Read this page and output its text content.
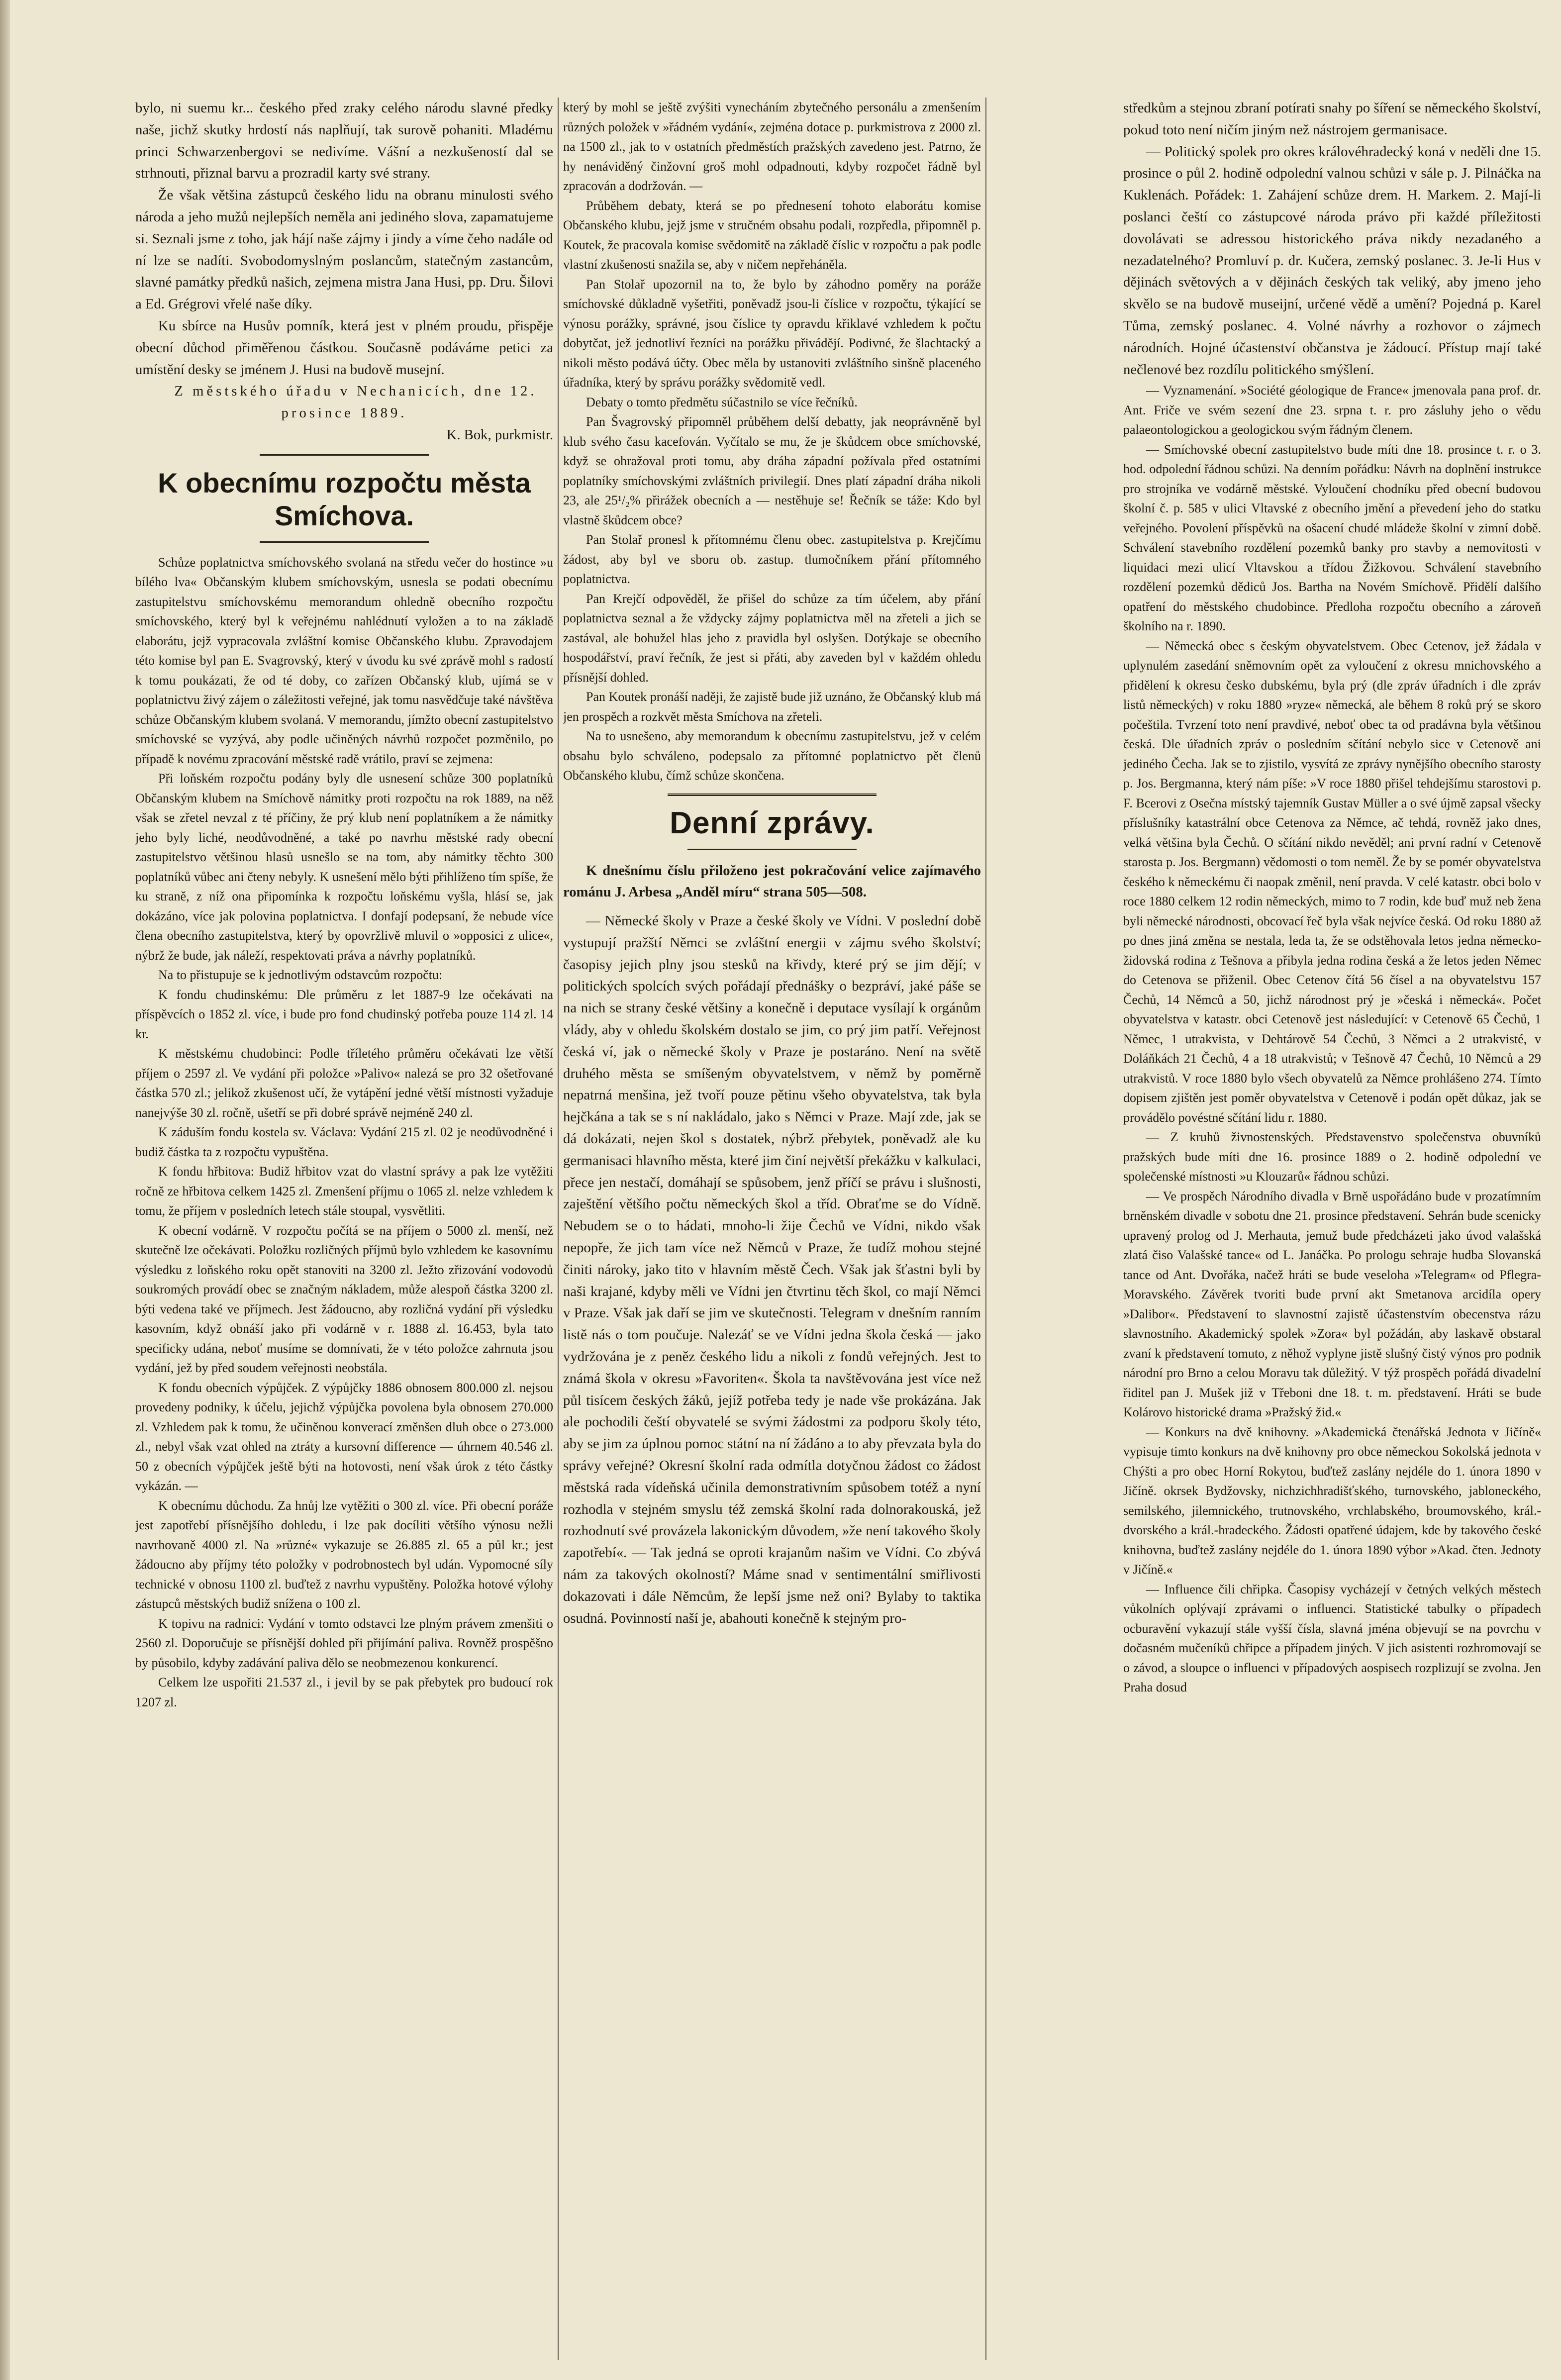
bylo, ni suemu kr... českého před zraky celého národu slavné předky naše, jichž skutky hrdostí nás naplňují, tak surově pohaniti. Mladému princi Schwarzenbergovi se nedivíme. Vášní a nezkušeností dal se strhnouti, přiznal barvu a prozradil karty své strany.

Že však většina zástupců českého lidu na obranu minulosti svého národa a jeho mužů nejlepších neměla ani jediného slova, zapamatujeme si. Seznali jsme z toho, jak hájí naše zájmy i jindy a víme čeho nadále od ní lze se nadíti. Svobodomyslným poslancům, statečným zastancům, slavné památky předků našich, zejmena mistra Jana Husi, pp. Dru. Šilovi a Ed. Grégrovi vřelé naše díky.

Ku sbírce na Husův pomník, která jest v plném proudu, přispěje obecní důchod přiměřenou částkou. Současně podáváme petici za umístění desky se jménem J. Husi na budově musejní.

Z městského úřadu v Nechanicích, dne 12. prosince 1889.

K. Bok, purkmistr.

K obecnímu rozpočtu města Smíchova.

Schůze poplatnictva smíchovského svolaná na středu večer do hostince »u bílého lva« Občanským klubem smíchovským, usnesla se podati obecnímu zastupitelstvu smíchovskému memorandum ohledně obecního rozpočtu smíchovského, který byl k veřejnému nahlédnutí vyložen a to na základě elaborátu, jejž vypracovala zvláštní komise Občanského klubu. Zpravodajem této komise byl pan E. Svagrovský, který v úvodu ku své zprávě mohl s radostí k tomu poukázati, že od té doby, co zařízen Občanský klub, ujímá se v poplatnictvu živý zájem o záležitosti veřejné, jak tomu nasvědčuje také návštěva schůze Občanským klubem svolaná. V memorandu, jímžto obecní zastupitelstvo smíchovské se vyzývá, aby podle učiněných návrhů rozpočet pozměnilo, po případě k novému zpracování městské radě vrátilo, praví se zejmena:

Při loňském rozpočtu podány byly dle usnesení schůze 300 poplatníků Občanským klubem na Smíchově námitky proti rozpočtu na rok 1889, na něž však se zřetel nevzal z té příčiny, že prý klub není poplatníkem a že námitky jeho byly liché, neodůvodněné, a také po navrhu městské rady obecní zastupitelstvo většinou hlasů usnešlo se na tom, aby námitky těchto 300 poplatníků vůbec ani čteny nebyly. K usnešení mělo býti přihlíženo tím spíše, že ku straně, z níž ona připomínka k rozpočtu loňskému vyšla, hlásí se, jak dokázáno, více jak polovina poplatnictva. I donfají podepsaní, že nebude více člena obecního zastupitelstva, který by opovržlivě mluvil o »opposici z ulice«, nýbrž že bude, jak náleží, respektovati práva a návrhy poplatníků.

Na to přistupuje se k jednotlivým odstavcům rozpočtu:

K fondu chudinskému: Dle průměru z let 1887-9 lze očekávati na příspěvcích o 1852 zl. více, i bude pro fond chudinský potřeba pouze 114 zl. 14 kr.

K městskému chudobinci: Podle tříletého průměru očekávati lze větší příjem o 2597 zl. Ve vydání při položce »Palivo« nalezá se pro 32 ošetřované částka 570 zl.; jelikož zkušenost učí, že vytápění jedné větší místnosti vyžaduje nanejvýše 30 zl. ročně, ušetří se při dobré správě nejméně 240 zl.

K záduším fondu kostela sv. Václava: Vydání 215 zl. 02 je neodůvodněné i budiž částka ta z rozpočtu vypuštěna.

K fondu hřbitova: Budiž hřbitov vzat do vlastní správy a pak lze vytěžiti ročně ze hřbitova celkem 1425 zl. Zmenšení příjmu o 1065 zl. nelze vzhledem k tomu, že příjem v posledních letech stále stoupal, vysvětliti.

K obecní vodárně. V rozpočtu počítá se na příjem o 5000 zl. menší, než skutečně lze očekávati. Položku rozličných příjmů bylo vzhledem ke kasovnímu výsledku z loňského roku opět stanoviti na 3200 zl. Ježto zřizování vodovodů soukromých provádí obec se značným nákladem, může alespoň částka 3200 zl. býti vedena také ve příjmech. Jest žádoucno, aby rozličná vydání při výsledku kasovním, když obnáší jako při vodárně v r. 1888 zl. 16.453, byla tato specificky udána, neboť musíme se domnívati, že v této položce zahrnuta jsou vydání, jež by před soudem veřejnosti neobstála.

K fondu obecních výpůjček. Z výpůjčky 1886 obnosem 800.000 zl. nejsou provedeny podniky, k účelu, jejichž výpůjčka povolena byla obnosem 270.000 zl. Vzhledem pak k tomu, že učiněnou konverací změnšen dluh obce o 273.000 zl., nebyl však vzat ohled na ztráty a kursovní difference — úhrnem 40.546 zl. 50 z obecních výpůjček ještě býti na hotovosti, není však úrok z této částky vykázán. —

K obecnímu důchodu. Za hnůj lze vytěžiti o 300 zl. více. Při obecní poráže jest zapotřebí přísnějšího dohledu, i lze pak docíliti většího výnosu nežli navrhovaně 4000 zl. Na »různé« vykazuje se 26.885 zl. 65 a půl kr.; jest žádoucno aby příjmy této položky v podrobnostech byl udán. Vypomocné síly technické v obnosu 1100 zl. buďtež z navrhu vypuštěny. Položka hotové výlohy zástupců městských budiž snížena o 100 zl.

K topivu na radnici: Vydání v tomto odstavci lze plným právem zmenšiti o 2560 zl. Doporučuje se přísnější dohled při přijímání paliva. Rovněž prospěšno by působilo, kdyby zadávání paliva dělo se neobmezenou konkurencí.

Celkem lze uspořiti 21.537 zl., i jevil by se pak přebytek pro budoucí rok 1207 zl.

který by mohl se ještě zvýšiti vynecháním zbytečného personálu a zmenšením různých položek v »řádném vydání«, zejména dotace p. purkmistrova z 2000 zl. na 1500 zl., jak to v ostatních předměstích pražských zavedeno jest. Patrno, že hy nenáviděný činžovní groš mohl odpadnouti, kdyby rozpočet řádně byl zpracován a dodržován. —

Průběhem debaty, která se po přednesení tohoto elaborátu komise Občanského klubu, jejž jsme v stručném obsahu podali, rozpředla, připomněl p. Koutek, že pracovala komise svědomitě na základě číslic v rozpočtu a pak podle vlastní zkušenosti snažila se, aby v ničem nepřeháněla.

Pan Stolař upozornil na to, že bylo by záhodno poměry na poráže smíchovské důkladně vyšetřiti, poněvadž jsou-li číslice v rozpočtu, týkající se výnosu porážky, správné, jsou číslice ty opravdu křiklavé vzhledem k počtu dobytčat, jež jednotliví řezníci na porážku přivádějí. Podivné, že šlachtacký a nikoli město podává účty. Obec měla by ustanoviti zvláštního sinšně placeného úřadníka, který by správu porážky svědomitě vedl.

Debaty o tomto předmětu súčastnilo se více řečníků.

Pan Švagrovský připomněl průběhem delší debatty, jak neoprávněně byl klub svého času kacefován. Vyčítalo se mu, že je škůdcem obce smíchovské, když se ohražoval proti tomu, aby dráha západní požívala před ostatními poplatníky smíchovskými zvláštních privilegií. Dnes platí západní dráha nikoli 23, ale 25¹/₂% přirážek obecních a — nestěhuje se! Řečník se táže: Kdo byl vlastně škůdcem obce?

Pan Stolař pronesl k přítomnému členu obec. zastupitelstva p. Krejčímu žádost, aby byl ve sboru ob. zastup. tlumočníkem přání přítomného poplatnictva.

Pan Krejčí odpověděl, že přišel do schůze za tím účelem, aby přání poplatnictva seznal a že vždycky zájmy poplatnictva měl na zřeteli a jich se zastával, ale bohužel hlas jeho z pravidla byl oslyšen. Dotýkaje se obecního hospodářství, praví řečník, že jest si přáti, aby zaveden byl v každém ohledu přísnější dohled.

Pan Koutek pronáší naději, že zajistě bude již uznáno, že Občanský klub má jen prospěch a rozkvět města Smíchova na zřeteli.

Na to usnešeno, aby memorandum k obecnímu zastupitelstvu, jež v celém obsahu bylo schváleno, podepsalo za přítomné poplatnictvo pět členů Občanského klubu, čímž schůze skončena.

Denní zprávy.

K dnešnímu číslu přiloženo jest pokračování velice zajímavého románu J. Arbesa „Anděl míru“ strana 505—508.

— Německé školy v Praze a české školy ve Vídni. V poslední době vystupují pražští Němci se zvláštní energii v zájmu svého školství; časopisy jejich plny jsou stesků na křivdy, které prý se jim dějí; v politických spolcích svých pořádají přednášky o bezpráví, jaké páše se na nich se strany české většiny a konečně i deputace vysílají k orgánům vlády, aby v ohledu školském dostalo se jim, co prý jim patří. Veřejnost česká ví, jak o německé školy v Praze je postaráno. Není na světě druhého města se smíšeným obyvatelstvem, v němž by poměrně nepatrná menšina, jež tvoří pouze pětinu všeho obyvatelstva, tak byla hejčkána a tak se s ní nakládalo, jako s Němci v Praze. Mají zde, jak se dá dokázati, nejen škol s dostatek, nýbrž přebytek, poněvadž ale ku germanisaci hlavního města, které jim činí největší překážku v kalkulaci, přece jen nestačí, domáhají se spůsobem, jenž příčí se právu i slušnosti, zaještění většího počtu německých škol a tříd. Obraťme se do Vídně. Nebudem se o to hádati, mnoho-li žije Čechů ve Vídni, nikdo však nepopře, že jich tam více než Němců v Praze, že tudíž mohou stejné činiti nároky, jako tito v hlavním městě Čech. Však jak šťastni byli by naši krajané, kdyby měli ve Vídni jen čtvrtinu těch škol, co mají Němci v Praze. Však jak daří se jim ve skutečnosti. Telegram v dnešním ranním listě nás o tom poučuje. Nalezáť se ve Vídni jedna škola česká — jako vydržována je z peněz českého lidu a nikoli z fondů veřejných. Jest to známá škola v okresu »Favoriten«. Škola ta navštěvována jest více než půl tisícem českých žáků, jejíž potřeba tedy je nade vše prokázána. Jak ale pochodili čeští obyvatelé se svými žádostmi za podporu školy této, aby se jim za úplnou pomoc státní na ní žádáno a to aby převzata byla do správy veřejné? Okresní školní rada odmítla dotyčnou žádost co žádost městská rada vídeňská učinila demonstrativním spůsobem totéž a nyní rozhodla v stejném smyslu též zemská školní rada dolnorakouská, jež rozhodnutí své provázela lakonickým důvodem, »že není takového školy zapotřebí«. — Tak jedná se oproti krajanům našim ve Vídni. Co zbývá nám za takových okolností? Máme snad v sentimentální smiřlivosti dokazovati i dále Němcům, že lepší jsme než oni? Bylaby to taktika osudná. Povinností naší je, abahouti konečně k stejným pro-

středkům a stejnou zbraní potírati snahy po šíření se německého školství, pokud toto není ničím jiným než nástrojem germanisace.

— Politický spolek pro okres královéhradecký koná v neděli dne 15. prosince o půl 2. hodině odpolední valnou schůzi v sále p. J. Pilnáčka na Kuklenách. Pořádek: 1. Zahájení schůze drem. H. Markem. 2. Mají-li poslanci čeští co zástupcové národa právo při každé příležitosti dovolávati se adressou historického práva nikdy nezadaného a nezadatelného? Promluví p. dr. Kučera, zemský poslanec. 3. Je-li Hus v dějinách světových a v dějinách českých tak veliký, aby jmeno jeho skvělo se na budově museijní, určené vědě a umění? Pojedná p. Karel Tůma, zemský poslanec. 4. Volné návrhy a rozhovor o zájmech národních. Hojné účastenství občanstva je žádoucí. Přístup mají také nečlenové bez rozdílu politického smýšlení.

— Vyznamenání. »Société géologique de France« jmenovala pana prof. dr. Ant. Friče ve svém sezení dne 23. srpna t. r. pro zásluhy jeho o vědu palaeontologickou a geologickou svým řádným členem.

— Smíchovské obecní zastupitelstvo bude míti dne 18. prosince t. r. o 3. hod. odpolední řádnou schůzi. Na denním pořádku: Návrh na doplnění instrukce pro strojníka ve vodárně městské. Vyloučení chodníku před obecní budovou školní č. p. 585 v ulici Vltavské z obecního jmění a převedení jeho do statku veřejného. Povolení příspěvků na ošacení chudé mládeže školní v zimní době. Schválení stavebního rozdělení pozemků banky pro stavby a nemovitosti v liquidaci mezi ulicí Vltavskou a třídou Žižkovou. Schválení stavebního rozdělení pozemků dědiců Jos. Bartha na Novém Smíchově. Přidělí dalšího opatření do městského chudobince. Předloha rozpočtu obecního a zároveň školního na r. 1890.

— Německá obec s českým obyvatelstvem. Obec Cetenov, jež žádala v uplynulém zasedání sněmovním opět za vyloučení z okresu mnichovského a přidělení k okresu česko dubskému, byla prý (dle zpráv úřadních i dle zpráv listů německých) v roku 1880 »ryze« německá, ale během 8 roků prý se skoro počeštila. Tvrzení toto není pravdivé, neboť obec ta od pradávna byla většinou česká. Dle úřadních zpráv o posledním sčítání nebylo sice v Cetenově ani jediného Čecha. Jak se to zjistilo, vysvítá ze zprávy nynějšího obecního starosty p. Jos. Bergmanna, který nám píše: »V roce 1880 přišel tehdejšímu starostovi p. F. Bcerovi z Osečna místský tajemník Gustav Müller a o své újmě zapsal všecky příslušníky katastrální obce Cetenova za Němce, ač tehdá, rovněž jako dnes, velká většina byla Čechů. O sčítání nikdo nevěděl; ani první radní v Cetenově starosta p. Jos. Bergmann) vědomosti o tom neměl. Že by se pomér obyvatelstva českého k německému či naopak změnil, není pravda. V celé katastr. obci bolo v roce 1880 celkem 12 rodin německých, mimo to 7 rodin, kde buď muž neb žena byli německé národnosti, obcovací řeč byla však nejvíce česká. Od roku 1880 až po dnes jiná změna se nestala, leda ta, že se odstěhovala letos jedna německo-židovská rodina z Tešnova a přibyla jedna rodina česká a že letos jeden Němec do Cetenova se přiženil. Obec Cetenov čítá 56 čísel a na obyvatelstvu 157 Čechů, 14 Němců a 50, jichž národnost prý je »česká i německá«. Počet obyvatelstva v katastr. obci Cetenově jest následující: v Cetenově 65 Čechů, 1 Němec, 1 utrakvista, v Dehtárově 54 Čechů, 3 Němci a 2 utrakvisté, v Doláňkách 21 Čechů, 4 a 18 utrakvistů; v Tešnově 47 Čechů, 10 Němců a 29 utrakvistů. V roce 1880 bylo všech obyvatelů za Němce prohlášeno 274. Tímto dopisem zjištěn jest poměr obyvatelstva v Cetenově i podán opět důkaz, jak se provádělo povéstné sčítání lidu r. 1880.

— Z kruhů živnostenských. Představenstvo společenstva obuvníků pražských bude míti dne 16. prosince 1889 o 2. hodině odpolední ve společenské místnosti »u Klouzarů« řádnou schůzi.

— Ve prospěch Národního divadla v Brně uspořádáno bude v prozatímním brněnském divadle v sobotu dne 21. prosince představení. Sehrán bude scenicky upravený prolog od J. Merhauta, jemuž bude předcházeti jako úvod valašská zlatá čiso Valašské tance« od L. Janáčka. Po prologu sehraje hudba Slovanská tance od Ant. Dvořáka, načež hráti se bude veseloha »Telegram« od Pflegra-Moravského. Závěrek tvoriti bude první akt Smetanova arcidíla opery »Dalibor«. Představení to slavnostní zajistě účastenstvím obecenstva rázu slavnostního. Akademický spolek »Zora« byl požádán, aby laskavě obstaral zvaní k představení tomuto, z něhož vyplyne jistě slušný čistý výnos pro podnik národní pro Brno a celou Moravu tak důležitý. V týž prospěch pořádá divadelní řiditel pan J. Mušek již v Třeboni dne 18. t. m. představení. Hráti se bude Kolárovo historické drama »Pražský žid.«

— Konkurs na dvě knihovny. »Akademická čtenářská Jednota v Jičíně« vypisuje timto konkurs na dvě knihovny pro obce německou Sokolská jednota v Chýšti a pro obec Horní Rokytou, buďtež zaslány nejdéle do 1. února 1890 v Jičíně. okrsek Bydžovsky, nichzichhradišťského, turnovského, jabloneckého, semilského, jilemnického, trutnovského, vrchlabského, broumovského, král.-dvorského a král.-hradeckého. Žádosti opatřené údajem, kde by takového české knihovna, buďtež zaslány nejdéle do 1. února 1890 výbor »Akad. čten. Jednoty v Jičíně.«

— Influence čili chřipka. Časopisy vycházejí v četných velkých městech vůkolních oplývají zprávami o influenci. Statistické tabulky o případech ocburavění vykazují stále vyšší čísla, slavná jména objevují se na povrchu v dočasném mučeníků chřipce a případem jiných. V jich asistenti rozhromovají se o závod, a sloupce o influenci v případových aospisech rozplizují se zvolna. Jen Praha dosud
